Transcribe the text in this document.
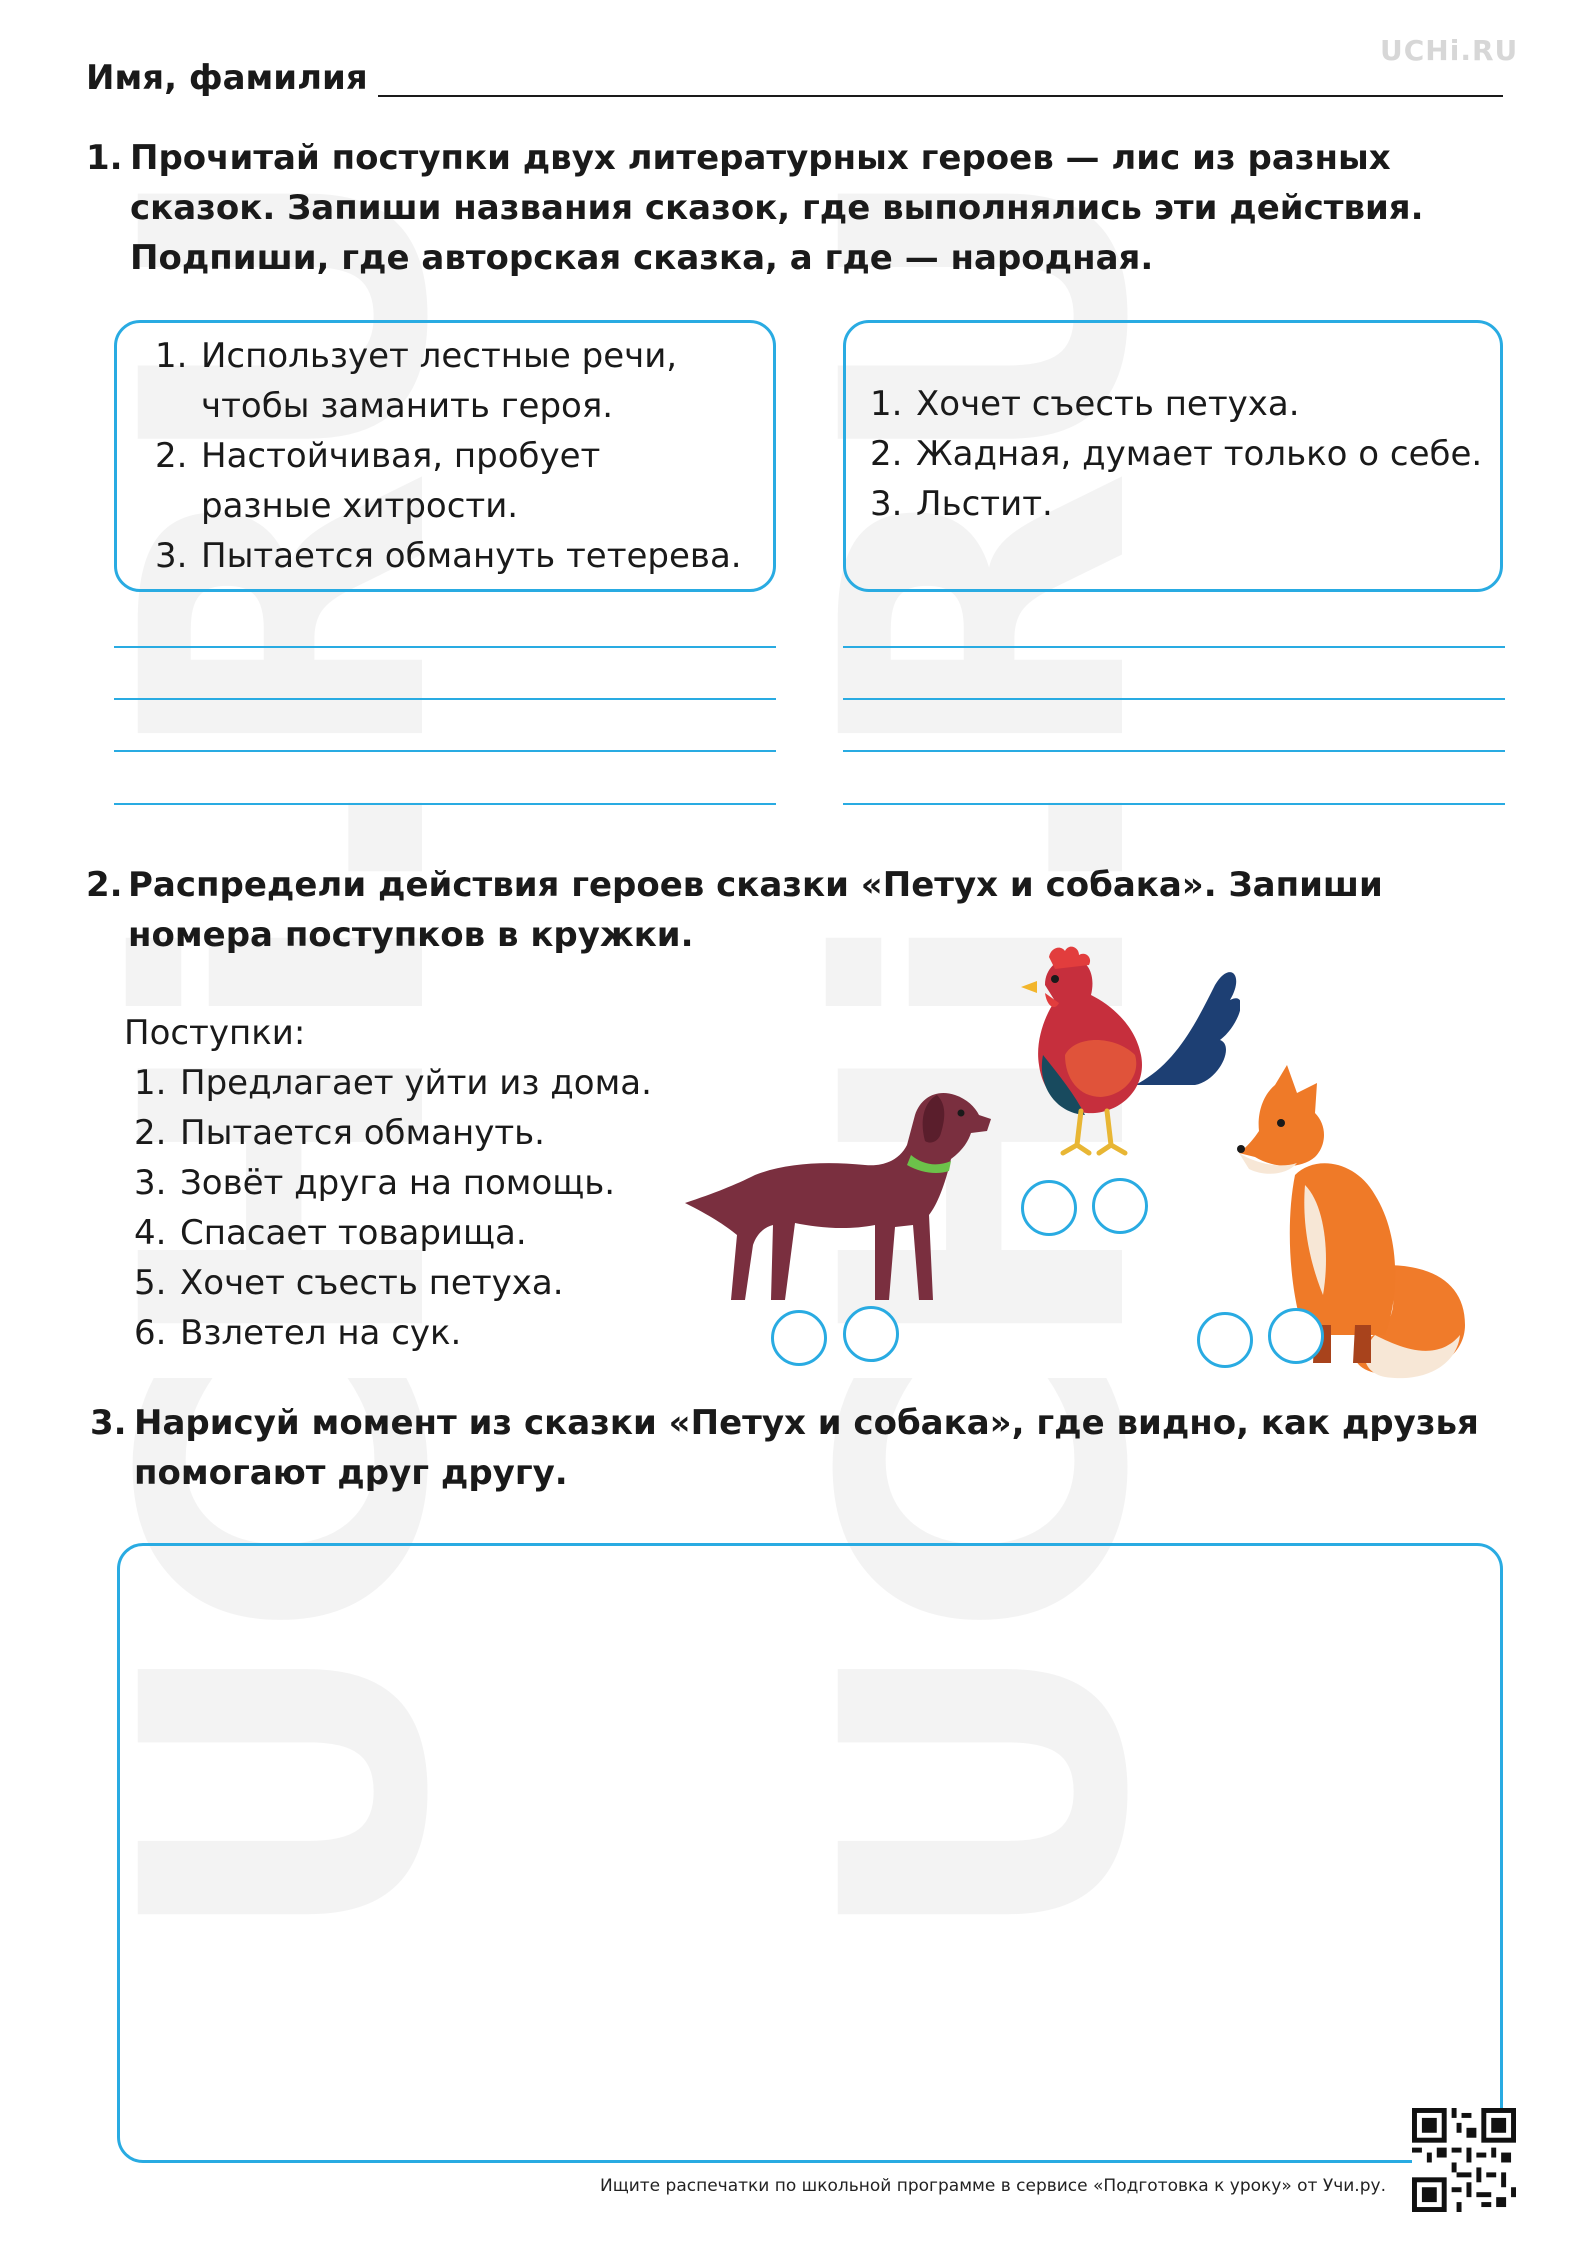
UCHi.RU
Имя, фамилия
1. Прочитай поступки двух литературных героев — лис из разных
сказок. Запиши названия сказок, где выполнялись эти действия.
Подпиши, где авторская сказка, а где — народная.
1. Использует лестные речи,
чтобы заманить героя.
2. Настойчивая, пробует
разные хитрости.
3. Пытается обмануть тетерева.
1. Хочет съесть петуха.
2. Жадная, думает только о себе.
3. Льстит.
2. Распредели действия героев сказки «Петух и собака». Запиши
номера поступков в кружки.
Поступки:
1. Предлагает уйти из дома.
2. Пытается обмануть.
3. Зовёт друга на помощь.
4. Спасает товарища.
5. Хочет съесть петуха.
6. Взлетел на сук.
3. Нарисуй момент из сказки «Петух и собака», где видно, как друзья
помогают друг другу.
Ищите распечатки по школьной программе в сервисе «Подготовка к уроку» от Учи.ру.
